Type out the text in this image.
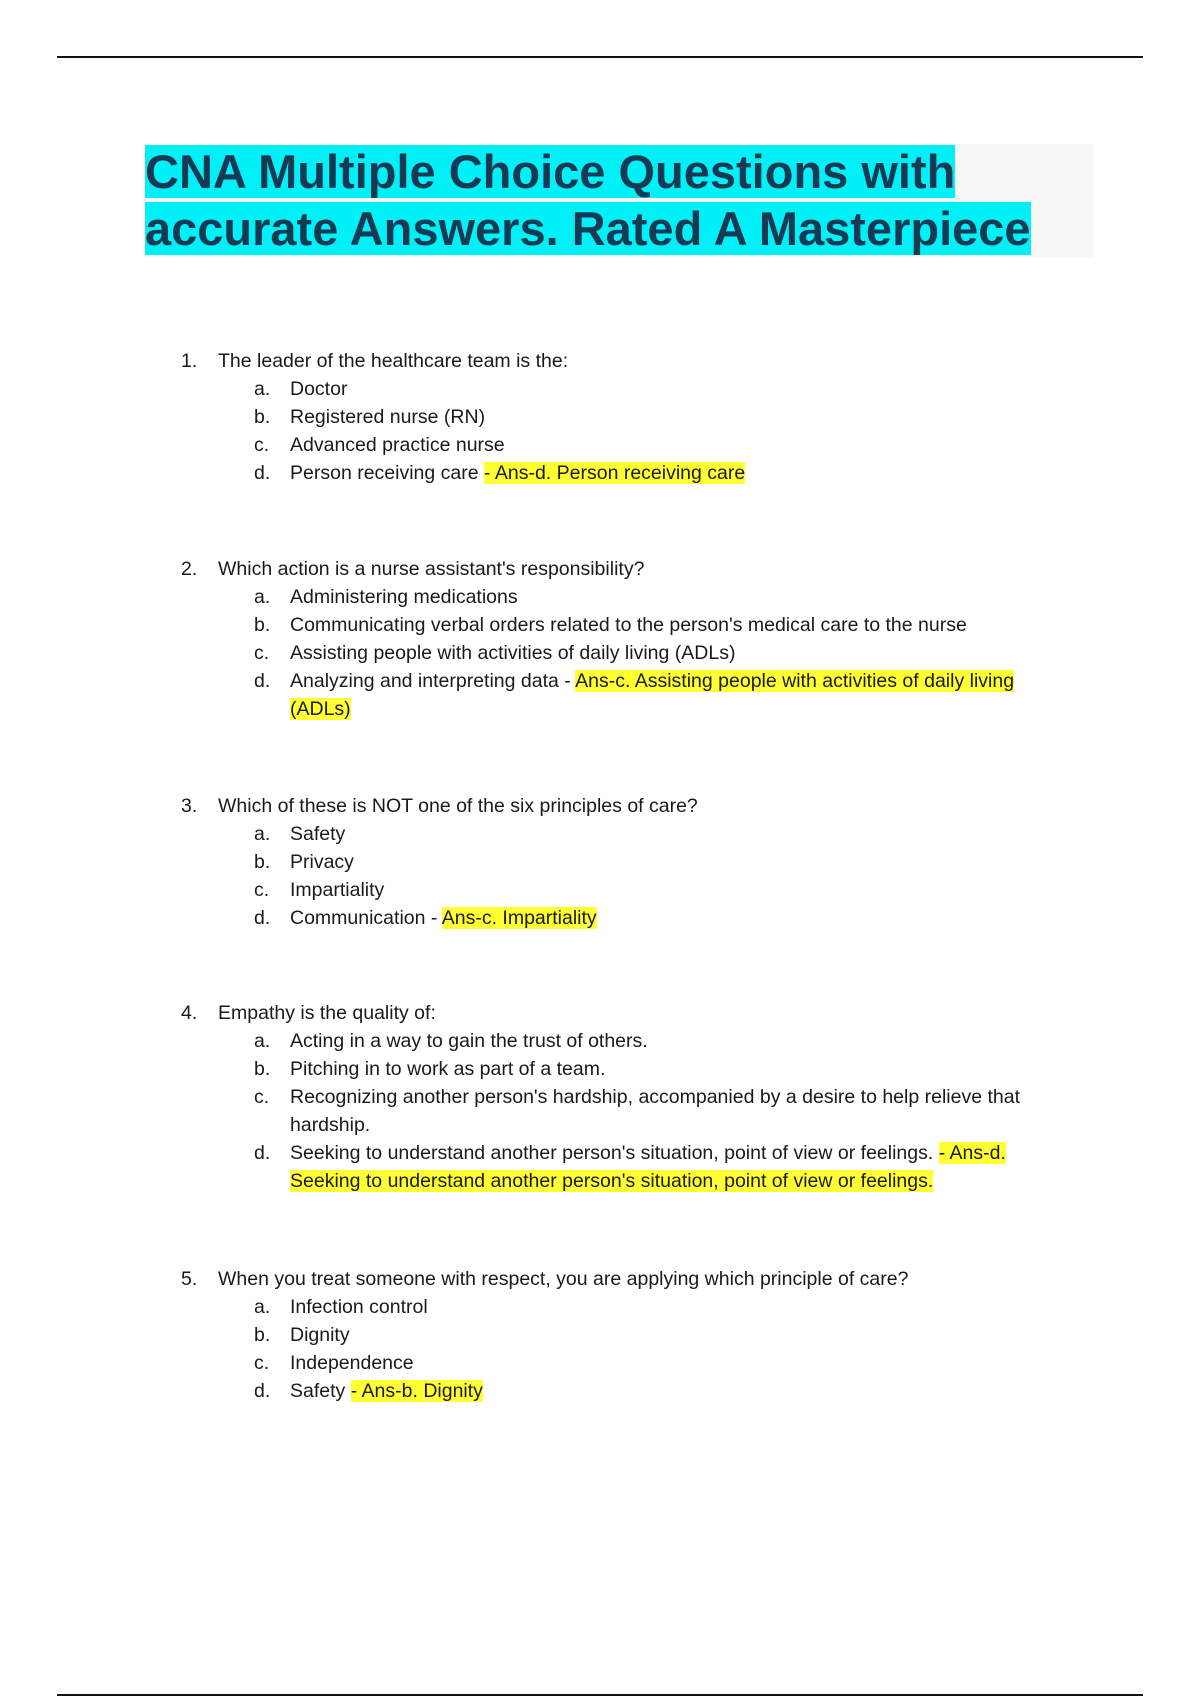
CNA Multiple Choice Questions with accurate Answers. Rated A Masterpiece
1. The leader of the healthcare team is the:
a. Doctor
b. Registered nurse (RN)
c. Advanced practice nurse
d. Person receiving care - Ans-d. Person receiving care
2. Which action is a nurse assistant's responsibility?
a. Administering medications
b. Communicating verbal orders related to the person's medical care to the nurse
c. Assisting people with activities of daily living (ADLs)
d. Analyzing and interpreting data - Ans-c. Assisting people with activities of daily living (ADLs)
3. Which of these is NOT one of the six principles of care?
a. Safety
b. Privacy
c. Impartiality
d. Communication - Ans-c. Impartiality
4. Empathy is the quality of:
a. Acting in a way to gain the trust of others.
b. Pitching in to work as part of a team.
c. Recognizing another person's hardship, accompanied by a desire to help relieve that hardship.
d. Seeking to understand another person's situation, point of view or feelings. - Ans-d. Seeking to understand another person's situation, point of view or feelings.
5. When you treat someone with respect, you are applying which principle of care?
a. Infection control
b. Dignity
c. Independence
d. Safety - Ans-b. Dignity
